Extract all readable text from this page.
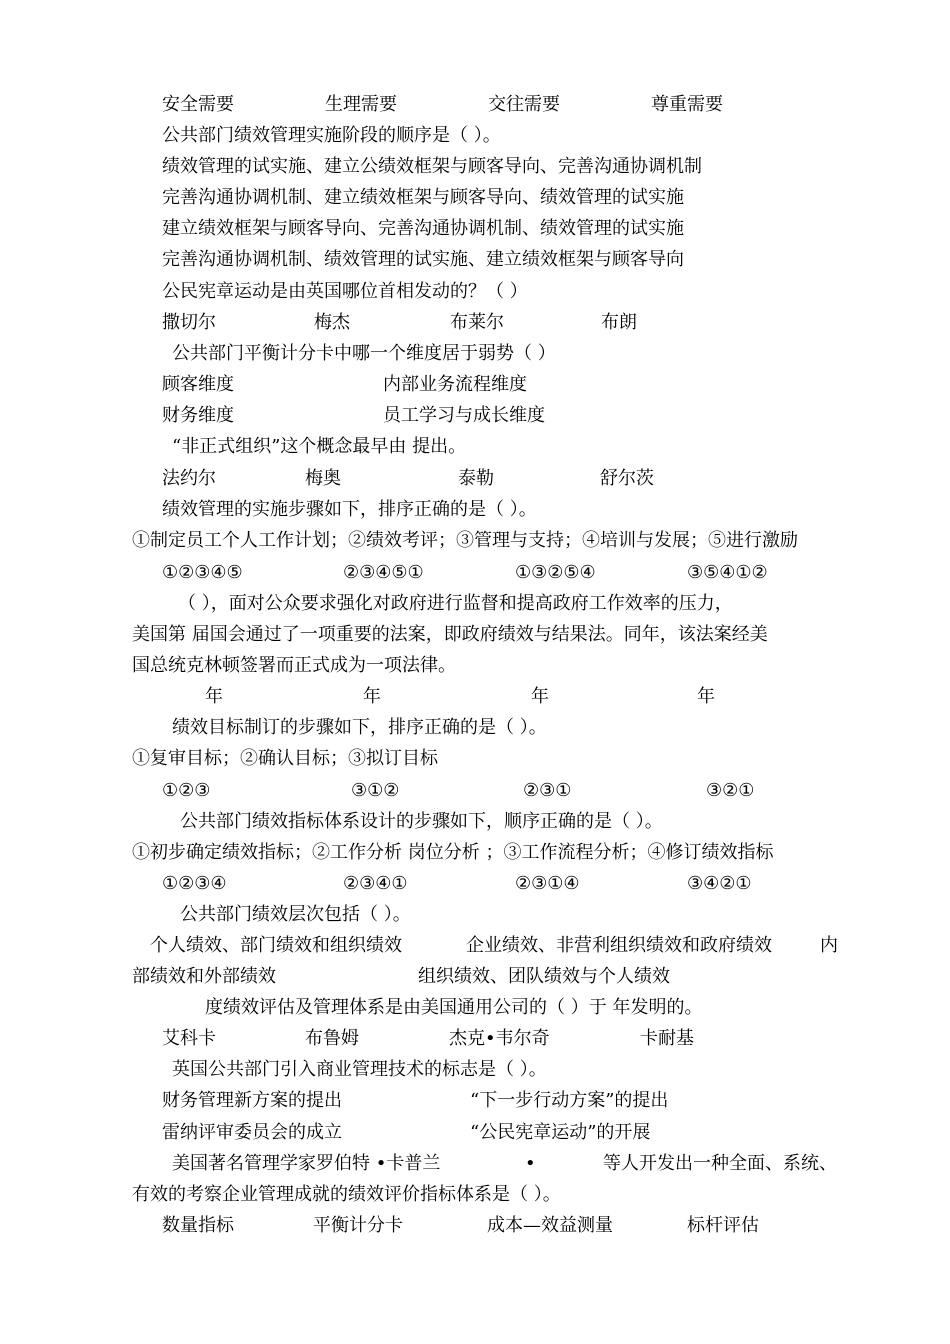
安全需要	生理需要	交往需要	尊重需要
公共部门绩效管理实施阶段的顺序是（ ）。
绩效管理的试实施、建立公绩效框架与顾客导向、完善沟通协调机制
完善沟通协调机制、建立绩效框架与顾客导向、绩效管理的试实施
建立绩效框架与顾客导向、完善沟通协调机制、绩效管理的试实施
完善沟通协调机制、绩效管理的试实施、建立绩效框架与顾客导向
公民宪章运动是由英国哪位首相发动的？（ ）
撒切尔	梅杰	布莱尔	布朗
公共部门平衡计分卡中哪一个维度居于弱势（ ）
顾客维度	内部业务流程维度
财务维度	员工学习与成长维度
“非正式组织”这个概念最早由 提出。
法约尔	梅奥	泰勒	舒尔茨
绩效管理的实施步骤如下，排序正确的是（ ）。
①制定员工个人工作计划；②绩效考评；③管理与支持；④培训与发展；⑤进行激励
①②③④⑤	②③④⑤①	①③②⑤④	③⑤④①②
（ ），面对公众要求强化对政府进行监督和提高政府工作效率的压力，
美国第 届国会通过了一项重要的法案，即政府绩效与结果法。同年，该法案经美
国总统克林顿签署而正式成为一项法律。
年	年	年	年
绩效目标制订的步骤如下，排序正确的是（ ）。
①复审目标；②确认目标；③拟订目标
①②③	③①②	②③①	③②①
公共部门绩效指标体系设计的步骤如下，顺序正确的是（ ）。
①初步确定绩效指标；②工作分析 岗位分析 ；③工作流程分析；④修订绩效指标
①②③④	②③④①	②③①④	③④②①
公共部门绩效层次包括（ ）。
个人绩效、部门绩效和组织绩效	企业绩效、非营利组织绩效和政府绩效	内
部绩效和外部绩效	组织绩效、团队绩效与个人绩效
度绩效评估及管理体系是由美国通用公司的（ ）于 年发明的。
艾科卡	布鲁姆	杰克•韦尔奇	卡耐基
英国公共部门引入商业管理技术的标志是（ ）。
财务管理新方案的提出	“下一步行动方案”的提出
雷纳评审委员会的成立	“公民宪章运动”的开展
美国著名管理学家罗伯特 •卡普兰	•	等人开发出一种全面、系统、
有效的考察企业管理成就的绩效评价指标体系是（ ）。
数量指标	平衡计分卡	成本—效益测量	标杆评估
